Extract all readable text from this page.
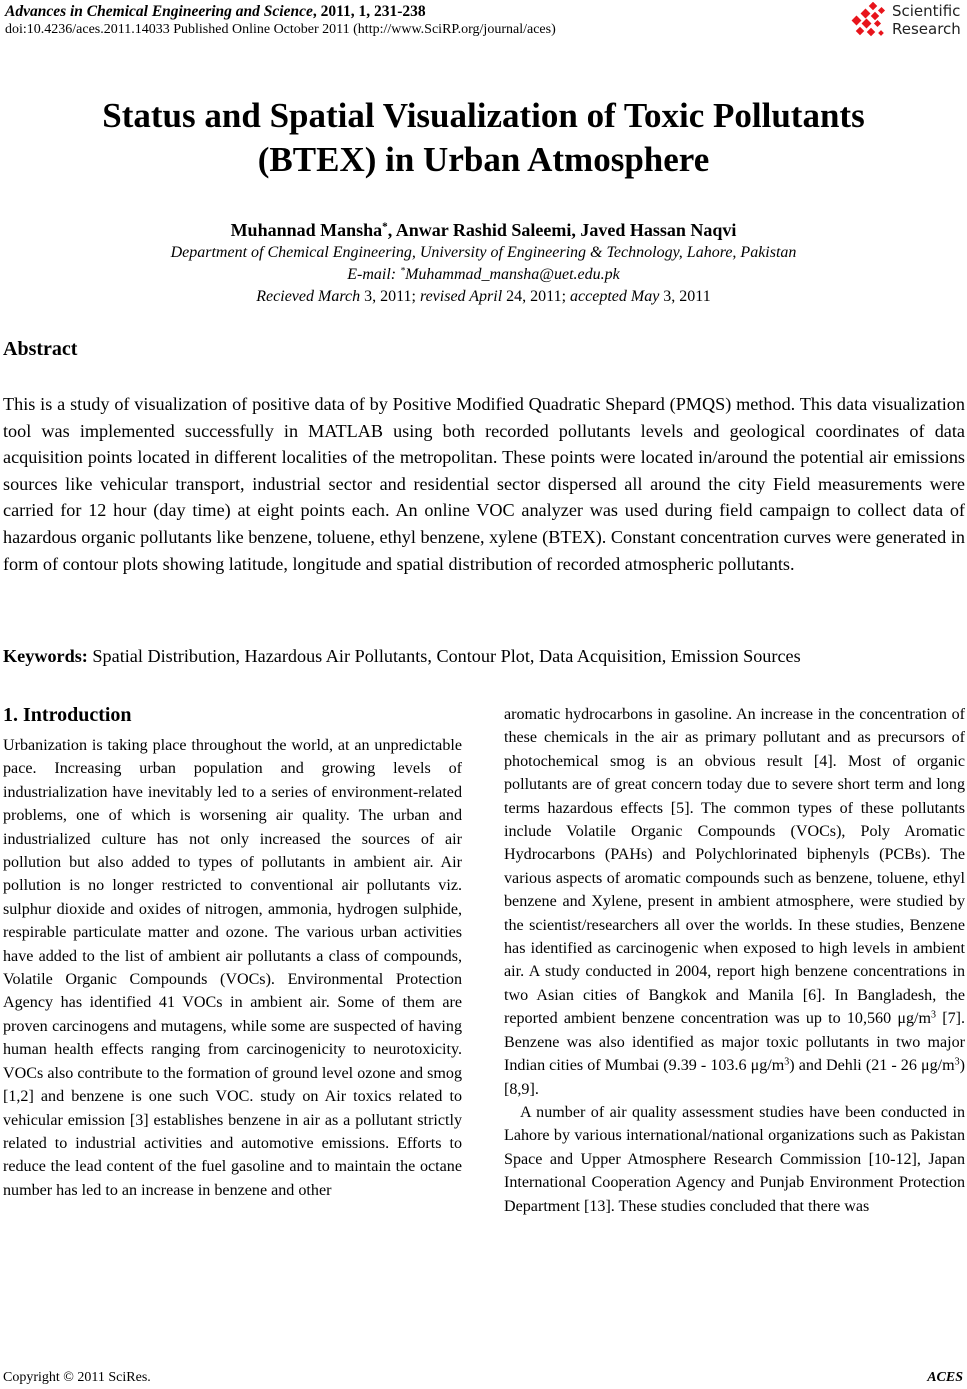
Advances in Chemical Engineering and Science, 2011, 1, 231-238
doi:10.4236/aces.2011.14033 Published Online October 2011 (http://www.SciRP.org/journal/aces)
Scientific
Research
Status and Spatial Visualization of Toxic Pollutants
(BTEX) in Urban Atmosphere
Muhannad Mansha*, Anwar Rashid Saleemi, Javed Hassan Naqvi
Department of Chemical Engineering, University of Engineering & Technology, Lahore, Pakistan
E-mail: *Muhammad_mansha@uet.edu.pk
Recieved March 3, 2011; revised April 24, 2011; accepted May 3, 2011
Abstract

This is a study of visualization of positive data of by Positive Modified Quadratic Shepard (PMQS) method. This data visualization tool was implemented successfully in MATLAB using both recorded pollutants levels and geological coordinates of data acquisition points located in different localities of the metropolitan. These points were located in/around the potential air emissions sources like vehicular transport, industrial sector and residential sector dispersed all around the city Field measurements were carried for 12 hour (day time) at eight points each. An online VOC analyzer was used during field campaign to collect data of hazardous organic pollutants like benzene, toluene, ethyl benzene, xylene (BTEX). Constant concentration curves were generated in form of contour plots showing latitude, longitude and spatial distribution of recorded atmospheric pollutants.

Keywords: Spatial Distribution, Hazardous Air Pollutants, Contour Plot, Data Acquisition, Emission Sources
1. Introduction

Urbanization is taking place throughout the world, at an unpredictable pace. Increasing urban population and growing levels of industrialization have inevitably led to a series of environment-related problems, one of which is worsening air quality. The urban and industrialized culture has not only increased the sources of air pollution but also added to types of pollutants in ambient air. Air pollution is no longer restricted to conventional air pollutants viz. sulphur dioxide and oxides of nitrogen, ammonia, hydrogen sulphide, respirable particulate matter and ozone. The various urban activities have added to the list of ambient air pollutants a class of compounds, Volatile Organic Compounds (VOCs). Environmental Protection Agency has identified 41 VOCs in ambient air. Some of them are proven carcinogens and mutagens, while some are suspected of having human health effects ranging from carcinogenicity to neurotoxicity. VOCs also contribute to the formation of ground level ozone and smog [1,2] and benzene is one such VOC. study on Air toxics related to vehicular emission [3] establishes benzene in air as a pollutant strictly related to industrial activities and automotive emissions. Efforts to reduce the lead content of the fuel gasoline and to maintain the octane number has led to an increase in benzene and other

aromatic hydrocarbons in gasoline. An increase in the concentration of these chemicals in the air as primary pollutant and as precursors of photochemical smog is an obvious result [4]. Most of organic pollutants are of great concern today due to severe short term and long terms hazardous effects [5]. The common types of these pollutants include Volatile Organic Compounds (VOCs), Poly Aromatic Hydrocarbons (PAHs) and Polychlorinated biphenyls (PCBs). The various aspects of aromatic compounds such as benzene, toluene, ethyl benzene and Xylene, present in ambient atmosphere, were studied by the scientist/researchers all over the worlds. In these studies, Benzene has identified as carcinogenic when exposed to high levels in ambient air. A study conducted in 2004, report high benzene concentrations in two Asian cities of Bangkok and Manila [6]. In Bangladesh, the reported ambient benzene concentration was up to 10,560 $\mu g/m^3$ [7]. Benzene was also identified as major toxic pollutants in two major Indian cities of Mumbai (9.39 - 103.6 $\mu g/m^3$) and Dehli (21 - 26 $\mu g/m^3$) [8,9].

A number of air quality assessment studies have been conducted in Lahore by various international/national organizations such as Pakistan Space and Upper Atmosphere Research Commission [10-12], Japan International Cooperation Agency and Punjab Environment Protection Department [13]. These studies concluded that there was

Copyright © 2011 SciRes.	ACES
